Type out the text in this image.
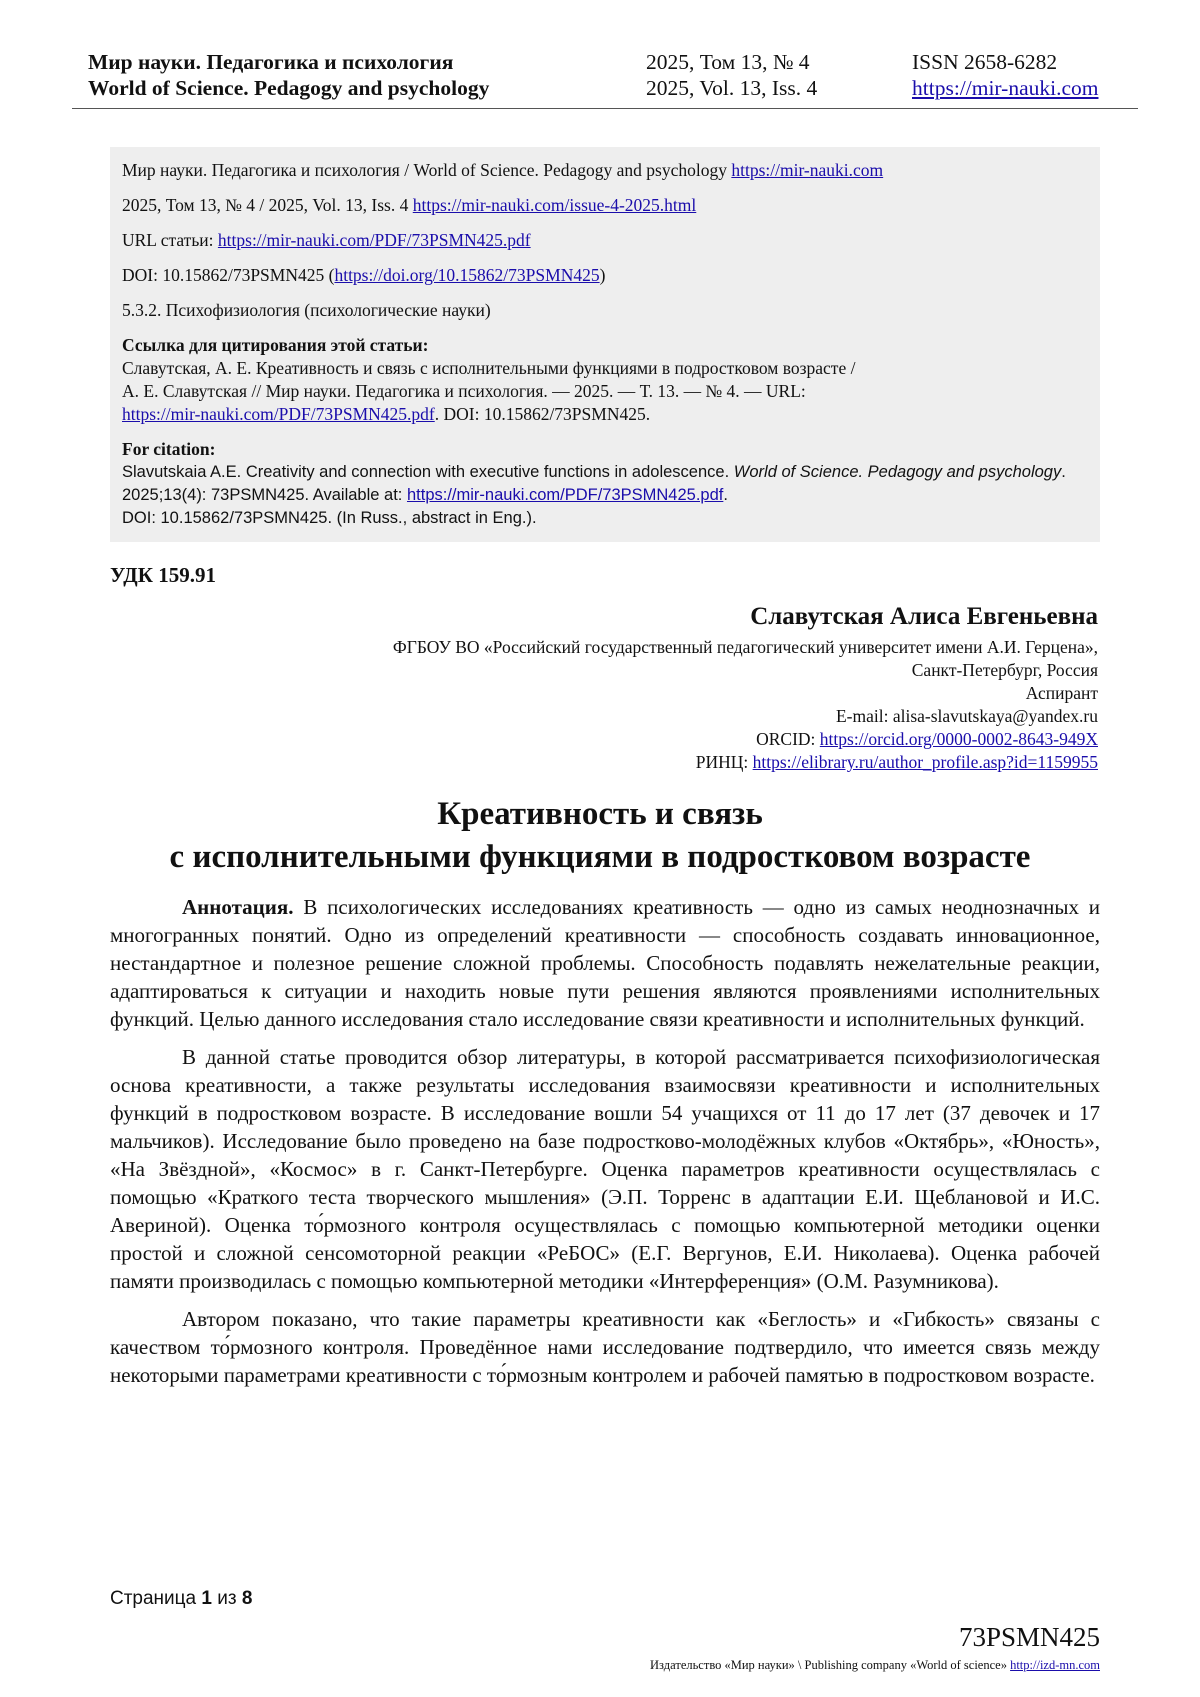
Мир науки. Педагогика и психология	2025, Том 13, № 4	ISSN 2658-6282
World of Science. Pedagogy and psychology	2025, Vol. 13, Iss. 4	https://mir-nauki.com

Мир науки. Педагогика и психология / World of Science. Pedagogy and psychology https://mir-nauki.com

2025, Том 13, № 4 / 2025, Vol. 13, Iss. 4 https://mir-nauki.com/issue-4-2025.html

URL статьи: https://mir-nauki.com/PDF/73PSMN425.pdf

DOI: 10.15862/73PSMN425 (https://doi.org/10.15862/73PSMN425)

5.3.2. Психофизиология (психологические науки)

Ссылка для цитирования этой статьи:
Славутская, А. Е. Креативность и связь с исполнительными функциями в подростковом возрасте /
А. Е. Славутская // Мир науки. Педагогика и психология. — 2025. — Т. 13. — № 4. — URL:
https://mir-nauki.com/PDF/73PSMN425.pdf. DOI: 10.15862/73PSMN425.
For citation:
Slavutskaia A.E. Creativity and connection with executive functions in adolescence. World of Science. Pedagogy and psychology. 2025;13(4): 73PSMN425. Available at: https://mir-nauki.com/PDF/73PSMN425.pdf.
DOI: 10.15862/73PSMN425. (In Russ., abstract in Eng.).
УДК 159.91
Славутская Алиса Евгеньевна
ФГБОУ ВО «Российский государственный педагогический университет имени А.И. Герцена»,
Санкт-Петербург, Россия
Аспирант
E-mail: alisa-slavutskaya@yandex.ru
ORCID: https://orcid.org/0000-0002-8643-949X
РИНЦ: https://elibrary.ru/author_profile.asp?id=1159955
Креативность и связь
с исполнительными функциями в подростковом возрасте

Аннотация. В психологических исследованиях креативность — одно из самых неоднозначных и многогранных понятий. Одно из определений креативности — способность создавать инновационное, нестандартное и полезное решение сложной проблемы. Способность подавлять нежелательные реакции, адаптироваться к ситуации и находить новые пути решения являются проявлениями исполнительных функций. Целью данного исследования стало исследование связи креативности и исполнительных функций.

В данной статье проводится обзор литературы, в которой рассматривается психофизиологическая основа креативности, а также результаты исследования взаимосвязи креативности и исполнительных функций в подростковом возрасте. В исследование вошли 54 учащихся от 11 до 17 лет (37 девочек и 17 мальчиков). Исследование было проведено на базе подростково-молодёжных клубов «Октябрь», «Юность», «На Звёздной», «Космос» в г. Санкт-Петербурге. Оценка параметров креативности осуществлялась с помощью «Краткого теста творческого мышления» (Э.П. Торренс в адаптации Е.И. Щеблановой и И.С. Авериной). Оценка то́рмозного контроля осуществлялась с помощью компьютерной методики оценки простой и сложной сенсомоторной реакции «РеБОС» (Е.Г. Вергунов, Е.И. Николаева). Оценка рабочей памяти производилась с помощью компьютерной методики «Интерференция» (О.М. Разумникова).

Автором показано, что такие параметры креативности как «Беглость» и «Гибкость» связаны с качеством то́рмозного контроля. Проведённое нами исследование подтвердило, что имеется связь между некоторыми параметрами креативности с то́рмозным контролем и рабочей памятью в подростковом возрасте.

Страница 1 из 8
73PSMN425
Издательство «Мир науки» \ Publishing company «World of science» http://izd-mn.com
